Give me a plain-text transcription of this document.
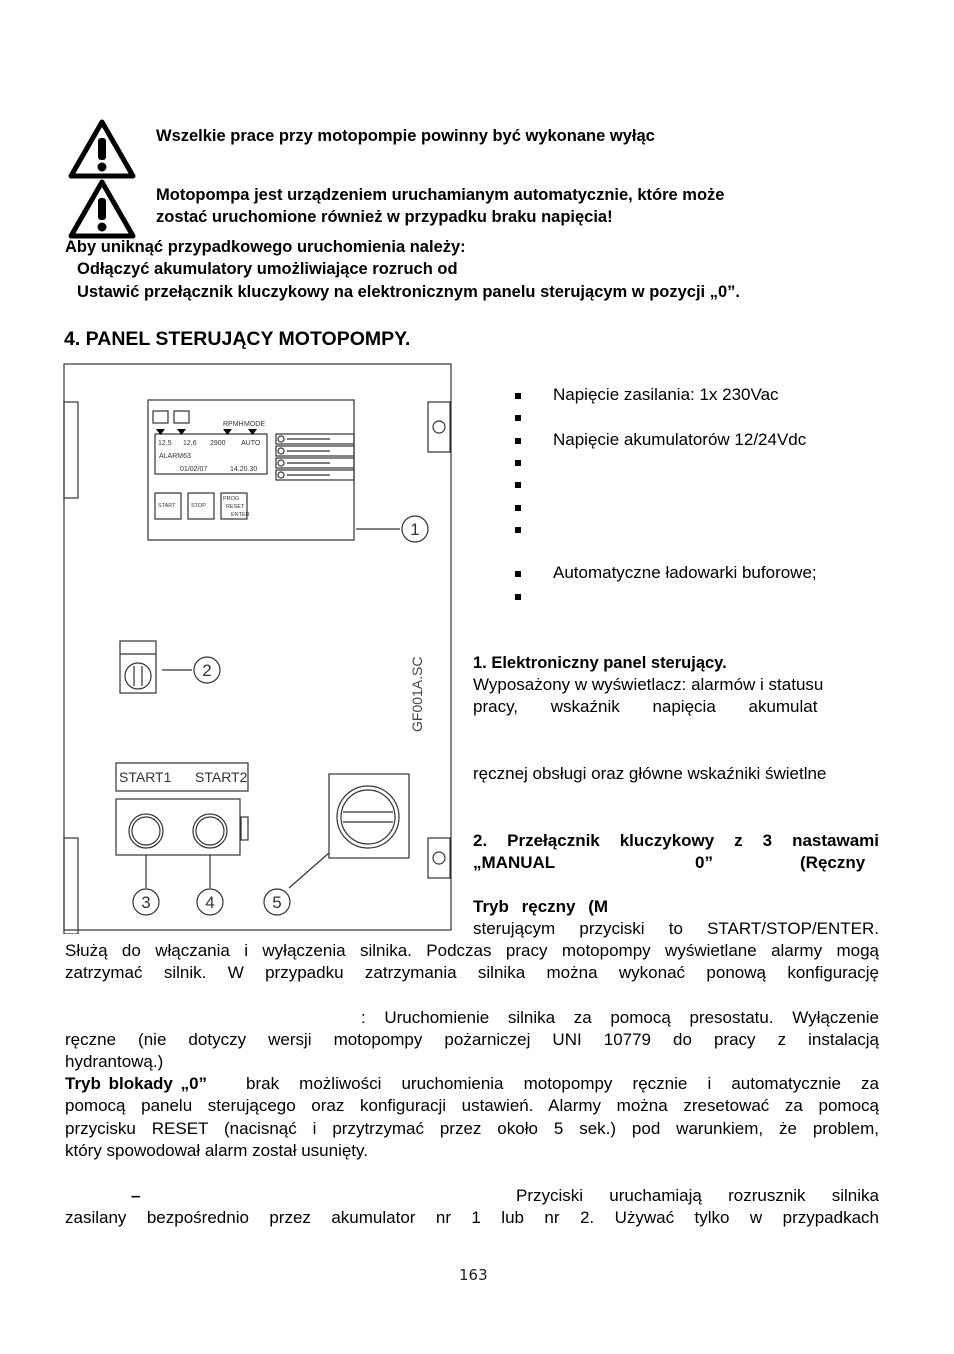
Wszelkie prace przy motopompie powinny być wykonane wyłąc
Motopompa jest urządzeniem uruchamianym automatycznie, które może
zostać uruchomione również w przypadku braku napięcia!
Aby uniknąć przypadkowego uruchomienia należy:
Odłączyć akumulatory umożliwiające rozruch od
Ustawić przełącznik kluczykowy na elektronicznym panelu sterującym w pozycji „0”.
4. PANEL STERUJĄCY MOTOPOMPY.
RPMH MODE
12,5 12,6 2900 AUTO
ALARM63
01/02/07	14.20.30
START	STOP
PROG
RESET
ENTER
START1 START2
GF001A.SC
1
2
3	4	5
Napięcie zasilania: 1x 230Vac
Napięcie akumulatorów 12/24Vdc
Automatyczne ładowarki buforowe;
1. Elektroniczny panel sterujący.
Wyposażony w wyświetlacz: alarmów i statusu
pracy, wskaźnik napięcia akumulat
ręcznej obsługi oraz główne wskaźniki świetlne
2. Przełącznik kluczykowy z 3 nastawami
„MANUAL	0”	(Ręczny
Tryb ręczny (M
sterującym przyciski to START/STOP/ENTER.
Służą do włączania i wyłączenia silnika. Podczas pracy motopompy wyświetlane alarmy mogą
zatrzymać silnik. W przypadku zatrzymania silnika można wykonać ponową konfigurację
: Uruchomienie silnika za pomocą presostatu. Wyłączenie
ręczne (nie dotyczy wersji motopompy pożarniczej UNI 10779 do pracy z instalacją
hydrantową.)
Tryb blokady „0” brak możliwości uruchomienia motopompy ręcznie i automatycznie za
pomocą panelu sterującego oraz konfiguracji ustawień. Alarmy można zresetować za pomocą
przycisku RESET (nacisnąć i przytrzymać przez około 5 sek.) pod warunkiem, że problem,
który spowodował alarm został usunięty.
–	Przyciski uruchamiają rozrusznik silnika
zasilany bezpośrednio przez akumulator nr 1 lub nr 2. Używać tylko w przypadkach
163
